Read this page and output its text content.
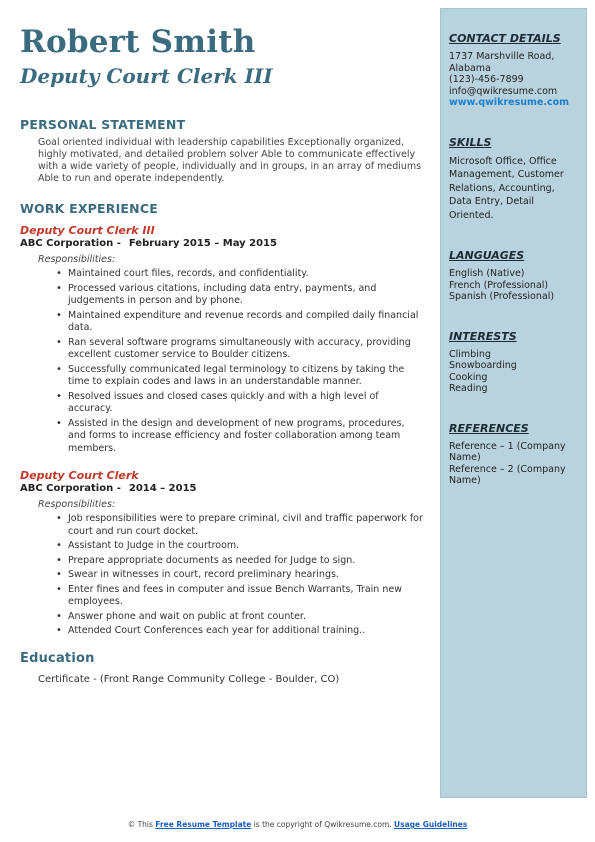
Robert Smith
Deputy Court Clerk III
PERSONAL STATEMENT
Goal oriented individual with leadership capabilities Exceptionally organized, highly motivated, and detailed problem solver Able to communicate effectively with a wide variety of people, individually and in groups, in an array of mediums Able to run and operate independently.
WORK EXPERIENCE
Deputy Court Clerk III
ABC Corporation - February 2015 – May 2015
Responsibilities:
• Maintained court files, records, and confidentiality.
• Processed various citations, including data entry, payments, and judgements in person and by phone.
• Maintained expenditure and revenue records and compiled daily financial data.
• Ran several software programs simultaneously with accuracy, providing excellent customer service to Boulder citizens.
• Successfully communicated legal terminology to citizens by taking the time to explain codes and laws in an understandable manner.
• Resolved issues and closed cases quickly and with a high level of accuracy.
• Assisted in the design and development of new programs, procedures, and forms to increase efficiency and foster collaboration among team members.
Deputy Court Clerk
ABC Corporation - 2014 – 2015
Responsibilities:
• Job responsibilities were to prepare criminal, civil and traffic paperwork for court and run court docket.
• Assistant to Judge in the courtroom.
• Prepare appropriate documents as needed for Judge to sign.
• Swear in witnesses in court, record preliminary hearings.
• Enter fines and fees in computer and issue Bench Warrants, Train new employees.
• Answer phone and wait on public at front counter.
• Attended Court Conferences each year for additional training..
Education
Certificate - (Front Range Community College - Boulder, CO)
CONTACT DETAILS
1737 Marshville Road,
Alabama
(123)-456-7899
info@qwikresume.com
www.qwikresume.com
SKILLS
Microsoft Office, Office Management, Customer Relations, Accounting, Data Entry, Detail Oriented.
LANGUAGES
English (Native)
French (Professional)
Spanish (Professional)
INTERESTS
Climbing
Snowboarding
Cooking
Reading
REFERENCES
Reference – 1 (Company Name)
Reference – 2 (Company Name)
© This Free Resume Template is the copyright of Qwikresume.com. Usage Guidelines
